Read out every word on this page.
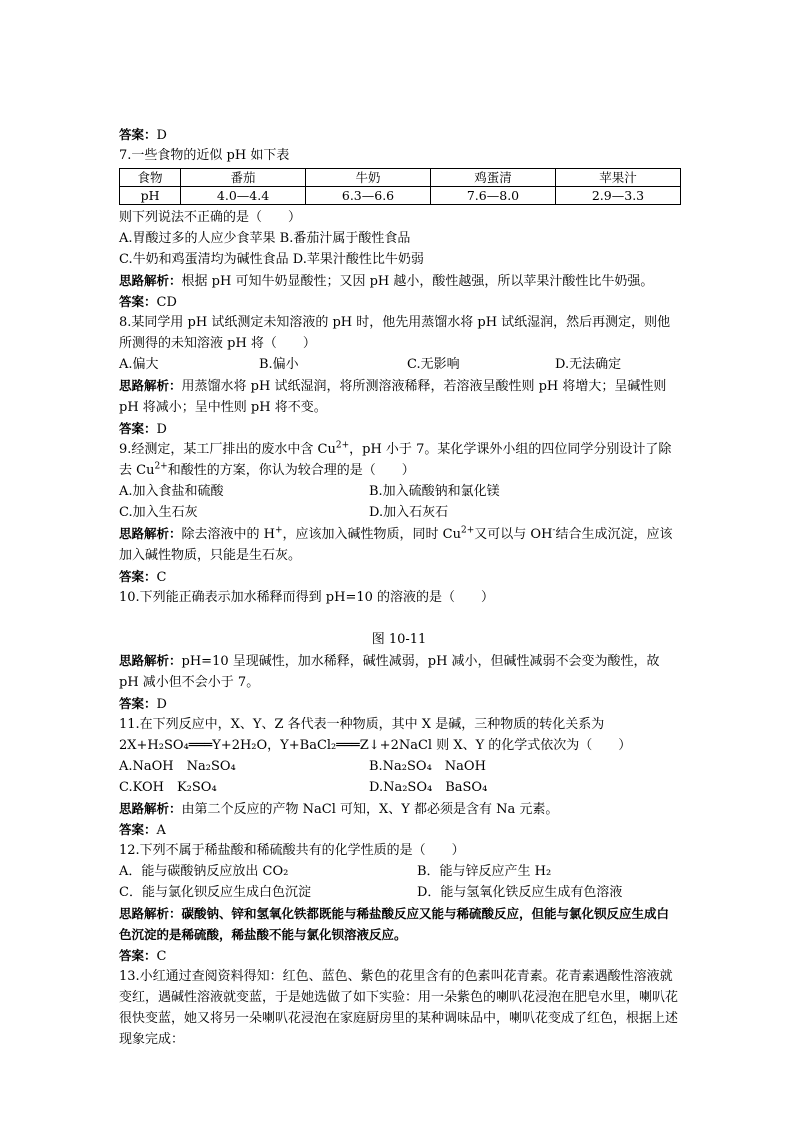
答案：D
7.一些食物的近似 pH 如下表
食物	番茄	牛奶	鸡蛋清	苹果汁
pH	4.0—4.4	6.3—6.6	7.6—8.0	2.9—3.3
则下列说法不正确的是（　　）
A.胃酸过多的人应少食苹果 B.番茄汁属于酸性食品
C.牛奶和鸡蛋清均为碱性食品 D.苹果汁酸性比牛奶弱
思路解析：根据 pH 可知牛奶显酸性；又因 pH 越小，酸性越强，所以苹果汁酸性比牛奶强。
答案：CD
8.某同学用 pH 试纸测定未知溶液的 pH 时，他先用蒸馏水将 pH 试纸湿润，然后再测定，则他所测得的未知溶液 pH 将（　　）
A.偏大	B.偏小	C.无影响	D.无法确定
思路解析：用蒸馏水将 pH 试纸湿润，将所测溶液稀释，若溶液呈酸性则 pH 将增大；呈碱性则 pH 将减小；呈中性则 pH 将不变。
答案：D
9.经测定，某工厂排出的废水中含 $Cu^{2+}$，pH 小于 7。某化学课外小组的四位同学分别设计了除去 $Cu^{2+}$和酸性的方案，你认为较合理的是（　　）
A.加入食盐和硫酸	B.加入硫酸钠和氯化镁
C.加入生石灰	D.加入石灰石
思路解析：除去溶液中的 H+，应该加入碱性物质，同时 $Cu^{2+}$又可以与 OH-结合生成沉淀，应该加入碱性物质，只能是生石灰。
答案：C
10.下列能正确表示加水稀释而得到 pH=10 的溶液的是（　　）
图 10-11
思路解析：pH=10 呈现碱性，加水稀释，碱性减弱，pH 减小，但碱性减弱不会变为酸性，故 pH 减小但不会小于 7。
答案：D
11.在下列反应中，X、Y、Z 各代表一种物质，其中 X 是碱，三种物质的转化关系为
2X+H₂SO₄═══Y+2H₂O，Y+BaCl₂═══Z↓+2NaCl 则 X、Y 的化学式依次为（　　）
A.NaOH　Na₂SO₄	B.Na₂SO₄　NaOH
C.KOH　K₂SO₄	D.Na₂SO₄　BaSO₄
思路解析：由第二个反应的产物 NaCl 可知，X、Y 都必须是含有 Na 元素。
答案：A
12.下列不属于稀盐酸和稀硫酸共有的化学性质的是（　　）
A．能与碳酸钠反应放出 CO₂	B．能与锌反应产生 H₂
C．能与氯化钡反应生成白色沉淀	D．能与氢氧化铁反应生成有色溶液
思路解析：碳酸钠、锌和氢氧化铁都既能与稀盐酸反应又能与稀硫酸反应，但能与氯化钡反应生成白色沉淀的是稀硫酸，稀盐酸不能与氯化钡溶液反应。
答案：C
13.小红通过查阅资料得知：红色、蓝色、紫色的花里含有的色素叫花青素。花青素遇酸性溶液就变红，遇碱性溶液就变蓝，于是她选做了如下实验：用一朵紫色的喇叭花浸泡在肥皂水里，喇叭花很快变蓝，她又将另一朵喇叭花浸泡在家庭厨房里的某种调味品中，喇叭花变成了红色，根据上述现象完成：
